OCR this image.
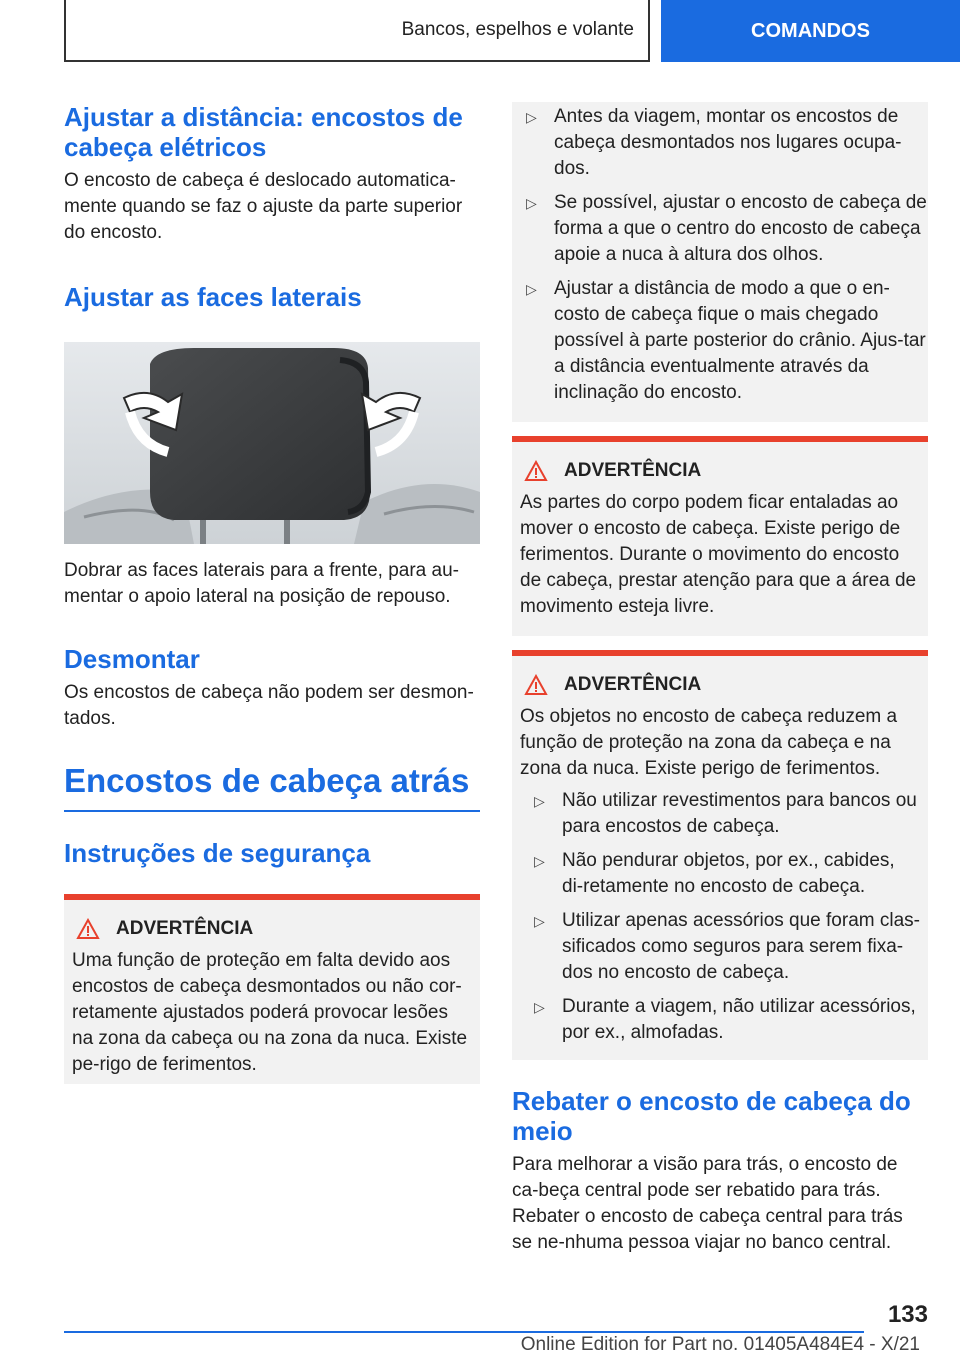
Bancos, espelhos e volante	COMANDOS
Ajustar a distância: encostos de cabeça elétricos

O encosto de cabeça é deslocado automatica-mente quando se faz o ajuste da parte superior do encosto.

Ajustar as faces laterais

Dobrar as faces laterais para a frente, para au-mentar o apoio lateral na posição de repouso.

Desmontar

Os encostos de cabeça não podem ser desmon-tados.

Encostos de cabeça atrás
Instruções de segurança
ADVERTÊNCIA

Uma função de proteção em falta devido aos encostos de cabeça desmontados ou não cor-retamente ajustados poderá provocar lesões na zona da cabeça ou na zona da nuca. Existe pe-rigo de ferimentos.

▷ Antes da viagem, montar os encostos de cabeça desmontados nos lugares ocupa-dos.
▷ Se possível, ajustar o encosto de cabeça de forma a que o centro do encosto de cabeça apoie a nuca à altura dos olhos.
▷ Ajustar a distância de modo a que o en-costo de cabeça fique o mais chegado possível à parte posterior do crânio. Ajus-tar a distância eventualmente através da inclinação do encosto.
ADVERTÊNCIA

As partes do corpo podem ficar entaladas ao mover o encosto de cabeça. Existe perigo de ferimentos. Durante o movimento do encosto de cabeça, prestar atenção para que a área de movimento esteja livre.

ADVERTÊNCIA

Os objetos no encosto de cabeça reduzem a função de proteção na zona da cabeça e na zona da nuca. Existe perigo de ferimentos.

▷ Não utilizar revestimentos para bancos ou para encostos de cabeça.
▷ Não pendurar objetos, por ex., cabides, di-retamente no encosto de cabeça.
▷ Utilizar apenas acessórios que foram clas-sificados como seguros para serem fixa-dos no encosto de cabeça.
▷ Durante a viagem, não utilizar acessórios, por ex., almofadas.
Rebater o encosto de cabeça do meio

Para melhorar a visão para trás, o encosto de ca-beça central pode ser rebatido para trás. Rebater o encosto de cabeça central para trás se ne-nhuma pessoa viajar no banco central.

133
Online Edition for Part no. 01405A484E4 - X/21
